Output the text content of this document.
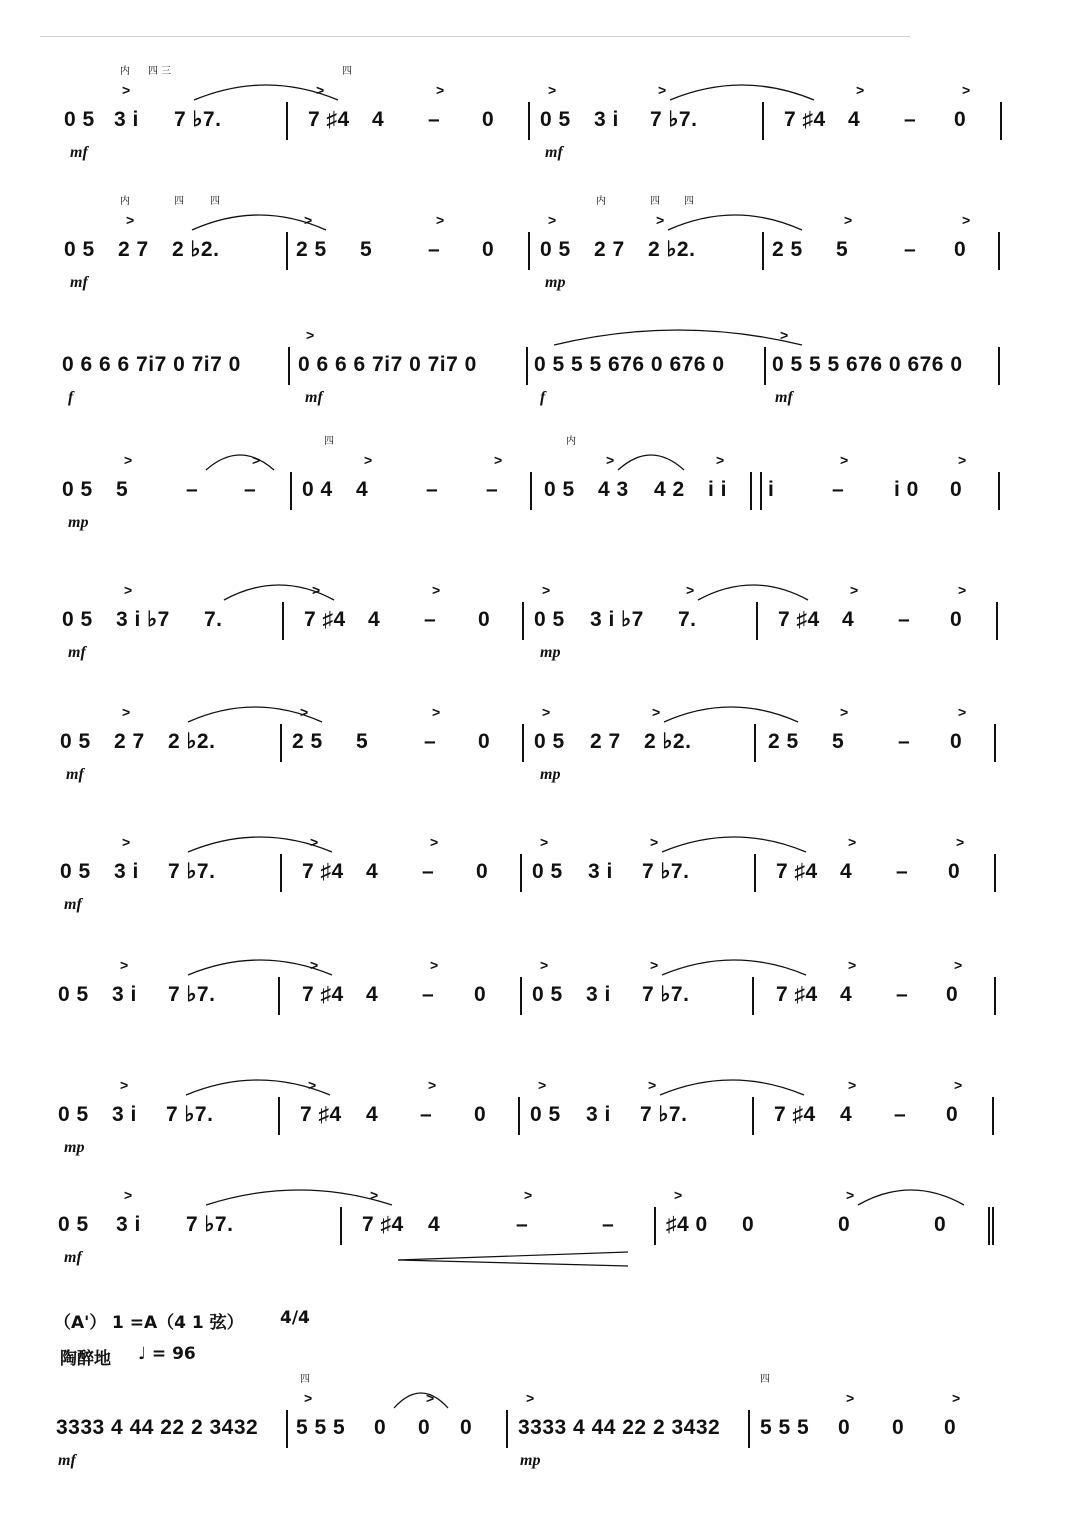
0 5 3 i
>
7 ♭7.	7 ♯4
>
4 –
>
0 0 5
>
3 i 7 ♭7.
>
7 ♯4 4
>
– 0
>
mf	mf
内 四 三	四
0 5 2 7
>
2 ♭2.	2 5
>
5	–
>
0 0 5
>
2 7 2 ♭2.
>
2 5 5
>
– 0
>
mf	mp
内	四	四	内	四 四
0 6 6 6 7i7 0 7i7 0	0 6 6 6 7i7 0 7i7 0
>
0 5 5 5 676 0 676 0 0 5 5 5 676 0 676 0
>
f	mf	f	mf
0 5 5
>
– –
>
0 4 4
>
– –
>
0 5 4 3
>
4 2 i i
>
i	–
>
i 0 0
>
mp
四	内
0 5 3 i ♭7
>
7.	7 ♯4
>
4 –
>
0 0 5
>
3 i ♭7 7.
>
7 ♯4 4
>
– 0
>
mf	mp
0 5 2 7
>
2 ♭2.	2 5
>
5	–
>
0 0 5
>
2 7 2 ♭2.
>
2 5 5
>
– 0
>
mf	mp
0 5 3 i
>
7 ♭7.	7 ♯4
>
4 –
>
0 0 5
>
3 i 7 ♭7.
>
7 ♯4 4
>
– 0
>
mf
0 5 3 i
>
7 ♭7.	7 ♯4
>
4 –
>
0 0 5
>
3 i 7 ♭7.
>
7 ♯4 4
>
– 0
>
0 5 3 i
>
7 ♭7.	7 ♯4
>
4 –
>
0 0 5
>
3 i 7 ♭7.
>
7 ♯4 4
>
– 0
>
mp
0 5 3 i
>
7 ♭7.	7 ♯4
>
4	–
>
– ♯4 0
>
0	0
>
0
mf
3333 4 44 22 2 3432 5 5 5
>
0 0
>
0 3333 4 44 22 2 3432
>
5 5 5 0
>
0 0
>
mf	mp
四	四
（A'） 1 =A（4 1 弦） 4/4
陶醉地 ♩ = 96
